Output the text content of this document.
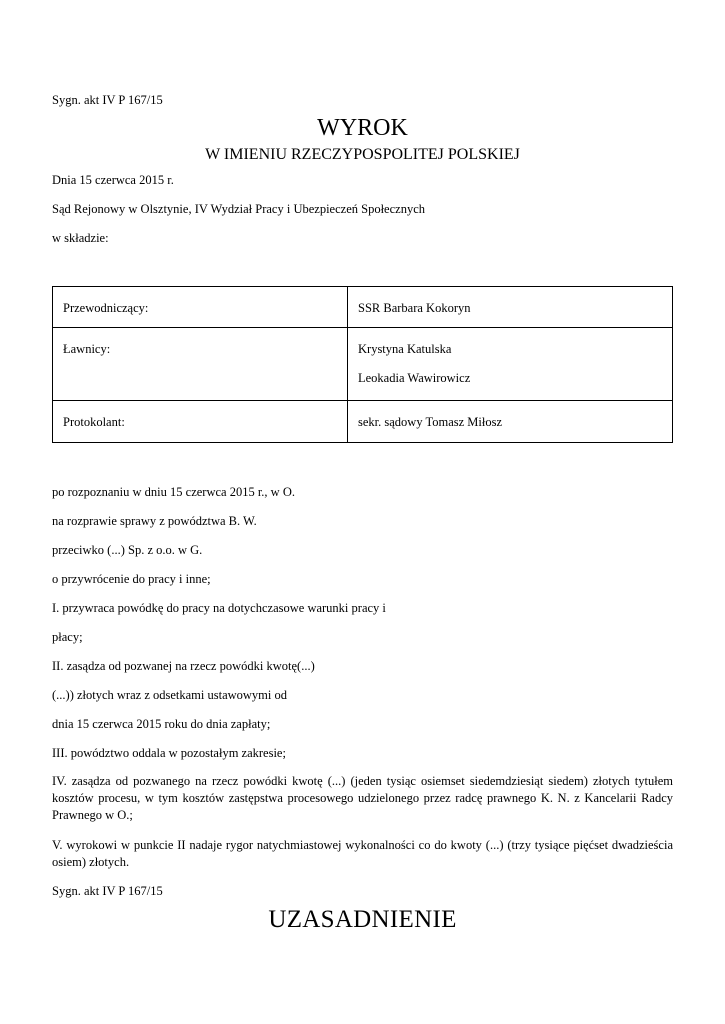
Sygn. akt IV P 167/15
WYROK
W IMIENIU RZECZYPOSPOLITEJ POLSKIEJ
Dnia 15 czerwca 2015 r.
Sąd Rejonowy w Olsztynie, IV Wydział Pracy i Ubezpieczeń Społecznych
w składzie:
Przewodniczący:	SSR Barbara Kokoryn
Ławnicy:	Krystyna Katulska
Leokadia Wawirowicz

Protokolant:	sekr. sądowy Tomasz Miłosz
po rozpoznaniu w dniu 15 czerwca 2015 r., w O.
na rozprawie sprawy z powództwa B. W.
przeciwko (...) Sp. z o.o. w G.
o przywrócenie do pracy i inne;
I. przywraca powódkę do pracy na dotychczasowe warunki pracy i
płacy;
II. zasądza od pozwanej na rzecz powódki kwotę(...)
(...)) złotych wraz z odsetkami ustawowymi od
dnia 15 czerwca 2015 roku do dnia zapłaty;
III. powództwo oddala w pozostałym zakresie;
IV. zasądza od pozwanego na rzecz powódki kwotę (...) (jeden tysiąc osiemset siedemdziesiąt siedem) złotych tytułem kosztów procesu, w tym kosztów zastępstwa procesowego udzielonego przez radcę prawnego K. N. z Kancelarii Radcy Prawnego w O.;
V. wyrokowi w punkcie II nadaje rygor natychmiastowej wykonalności co do kwoty (...) (trzy tysiące pięćset dwadzieścia osiem) złotych.
Sygn. akt IV P 167/15
UZASADNIENIE
